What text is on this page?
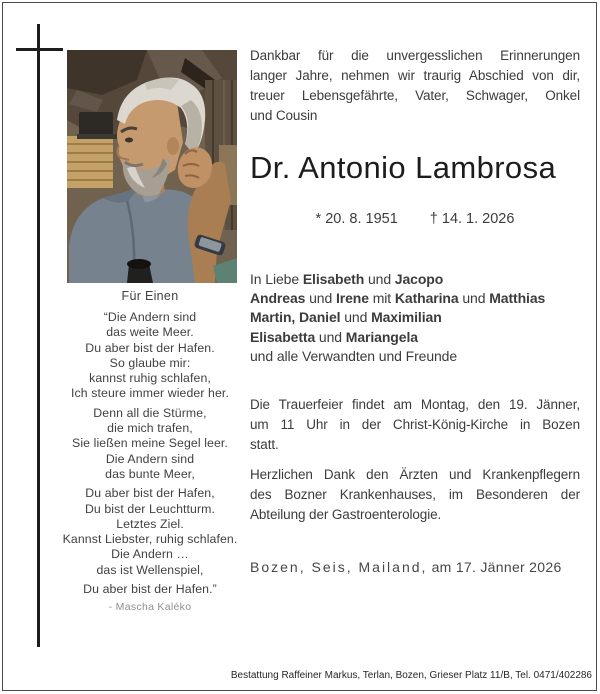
Für Einen
“Die Andern sind
das weite Meer.
Du aber bist der Hafen.
So glaube mir:
kannst ruhig schlafen,
Ich steure immer wieder her.
Denn all die Stürme,
die mich trafen,
Sie ließen meine Segel leer.
Die Andern sind
das bunte Meer,
Du aber bist der Hafen,
Du bist der Leuchtturm.
Letztes Ziel.
Kannst Liebster, ruhig schlafen.
Die Andern …
das ist Wellenspiel,
Du aber bist der Hafen.”
- Mascha Kaléko
Dankbar für die unvergesslichen Erinnerungen
langer Jahre, nehmen wir traurig Abschied von dir,
treuer Lebensgefährte, Vater, Schwager, Onkel
und Cousin
Dr. Antonio Lambrosa
* 20. 8. 1951 † 14. 1. 2026
In Liebe Elisabeth und Jacopo
Andreas und Irene mit Katharina und Matthias
Martin, Daniel und Maximilian
Elisabetta und Mariangela
und alle Verwandten und Freunde
Die Trauerfeier findet am Montag, den 19. Jänner,
um 11 Uhr in der Christ-König-Kirche in Bozen
statt.
Herzlichen Dank den Ärzten und Krankenpflegern
des Bozner Krankenhauses, im Besonderen der
Abteilung der Gastroenterologie.
Bozen, Seis, Mailand, am 17. Jänner 2026
Bestattung Raffeiner Markus, Terlan, Bozen, Grieser Platz 11/B, Tel. 0471/402286
